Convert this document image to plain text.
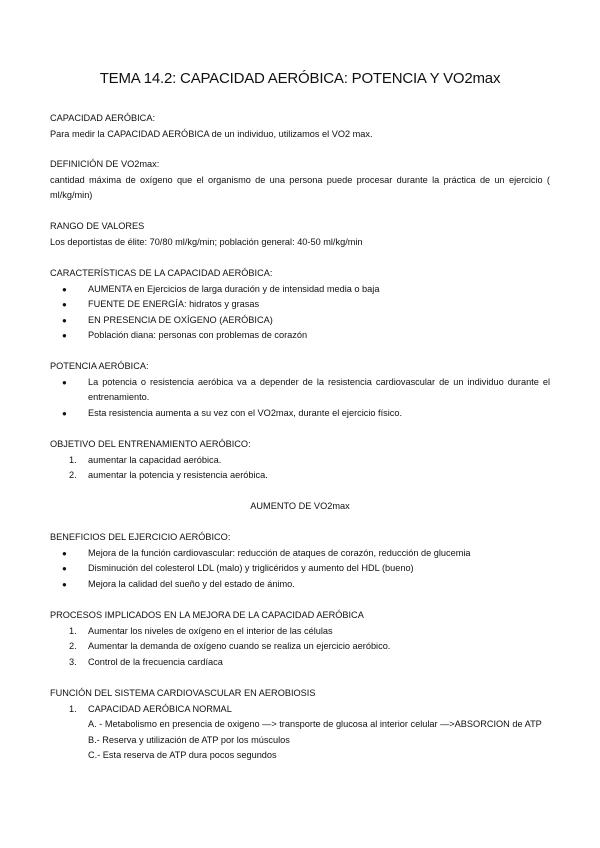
TEMA 14.2: CAPACIDAD AERÓBICA: POTENCIA Y VO2max
CAPACIDAD AERÓBICA:
Para medir la CAPACIDAD AERÓBICA de un individuo, utilizamos el VO2 max.
DEFINICIÓN DE VO2max:
cantidad máxima de oxígeno que el organismo de una persona puede procesar durante la práctica de un ejercicio ( ml/kg/min)
RANGO DE VALORES
Los deportistas de élite: 70/80 ml/kg/min; población general: 40-50 ml/kg/min
CARACTERÍSTICAS DE LA CAPACIDAD AERÓBICA:
● AUMENTA en Ejercicios de larga duración y de intensidad media o baja
● FUENTE DE ENERGÍA: hidratos y grasas
● EN PRESENCIA DE OXÍGENO (AERÓBICA)
● Población diana: personas con problemas de corazón
POTENCIA AERÓBICA:
● La potencia o resistencia aeróbica va a depender de la resistencia cardiovascular de un individuo durante el entrenamiento.
● Esta resistencia aumenta a su vez con el VO2max, durante el ejercicio físico.
OBJETIVO DEL ENTRENAMIENTO AERÓBICO:
1. aumentar la capacidad aeróbica.
2. aumentar la potencia y resistencia aeróbica.
AUMENTO DE VO2max
BENEFICIOS DEL EJERCICIO AERÓBICO:
● Mejora de la función cardiovascular: reducción de ataques de corazón, reducción de glucemia
● Disminución del colesterol LDL (malo) y triglicéridos y aumento del HDL (bueno)
● Mejora la calidad del sueño y del estado de ánimo.
PROCESOS IMPLICADOS EN LA MEJORA DE LA CAPACIDAD AERÓBICA
1. Aumentar los niveles de oxígeno en el interior de las células
2. Aumentar la demanda de oxígeno cuando se realiza un ejercicio aeróbico.
3. Control de la frecuencia cardíaca
FUNCIÓN DEL SISTEMA CARDIOVASCULAR EN AEROBIOSIS
1. CAPACIDAD AERÓBICA NORMAL
A. - Metabolismo en presencia de oxigeno —> transporte de glucosa al interior celular —>ABSORCION de ATP
B.- Reserva y utilización de ATP por los músculos
C.- Esta reserva de ATP dura pocos segundos
